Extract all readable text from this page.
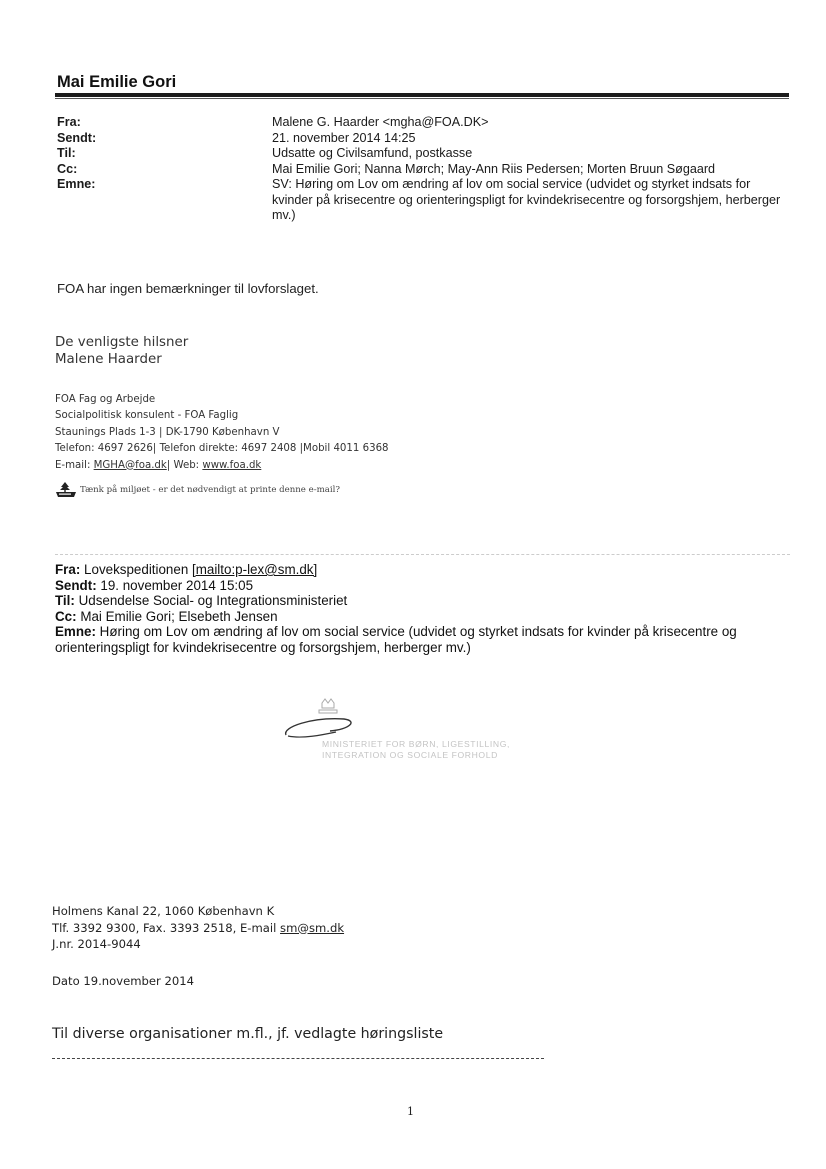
Mai Emilie Gori
Fra:	Malene G. Haarder <mgha@FOA.DK>
Sendt:	21. november 2014 14:25
Til:	Udsatte og Civilsamfund, postkasse
Cc:	Mai Emilie Gori; Nanna Mørch; May-Ann Riis Pedersen; Morten Bruun Søgaard
Emne:	SV: Høring om Lov om ændring af lov om social service (udvidet og styrket indsats for kvinder på krisecentre og orienteringspligt for kvindekrisecentre og forsorgshjem, herberger mv.)
FOA har ingen bemærkninger til lovforslaget.
De venligste hilsner
Malene Haarder
FOA Fag og Arbejde
Socialpolitisk konsulent - FOA Faglig
Staunings Plads 1-3 | DK-1790 København V
Telefon: 4697 2626| Telefon direkte: 4697 2408 |Mobil 4011 6368
E-mail: MGHA@foa.dk| Web: www.foa.dk
Tænk på miljøet - er det nødvendigt at printe denne e-mail?
Fra: Lovekspeditionen [mailto:p-lex@sm.dk]
Sendt: 19. november 2014 15:05
Til: Udsendelse Social- og Integrationsministeriet
Cc: Mai Emilie Gori; Elsebeth Jensen
Emne: Høring om Lov om ændring af lov om social service (udvidet og styrket indsats for kvinder på krisecentre og orienteringspligt for kvindekrisecentre og forsorgshjem, herberger mv.)
MINISTERIET FOR BØRN, LIGESTILLING,
INTEGRATION OG SOCIALE FORHOLD
Holmens Kanal 22, 1060 København K
Tlf. 3392 9300, Fax. 3393 2518, E-mail sm@sm.dk
J.nr. 2014-9044
Dato 19.november 2014
Til diverse organisationer m.fl., jf. vedlagte høringsliste
1
